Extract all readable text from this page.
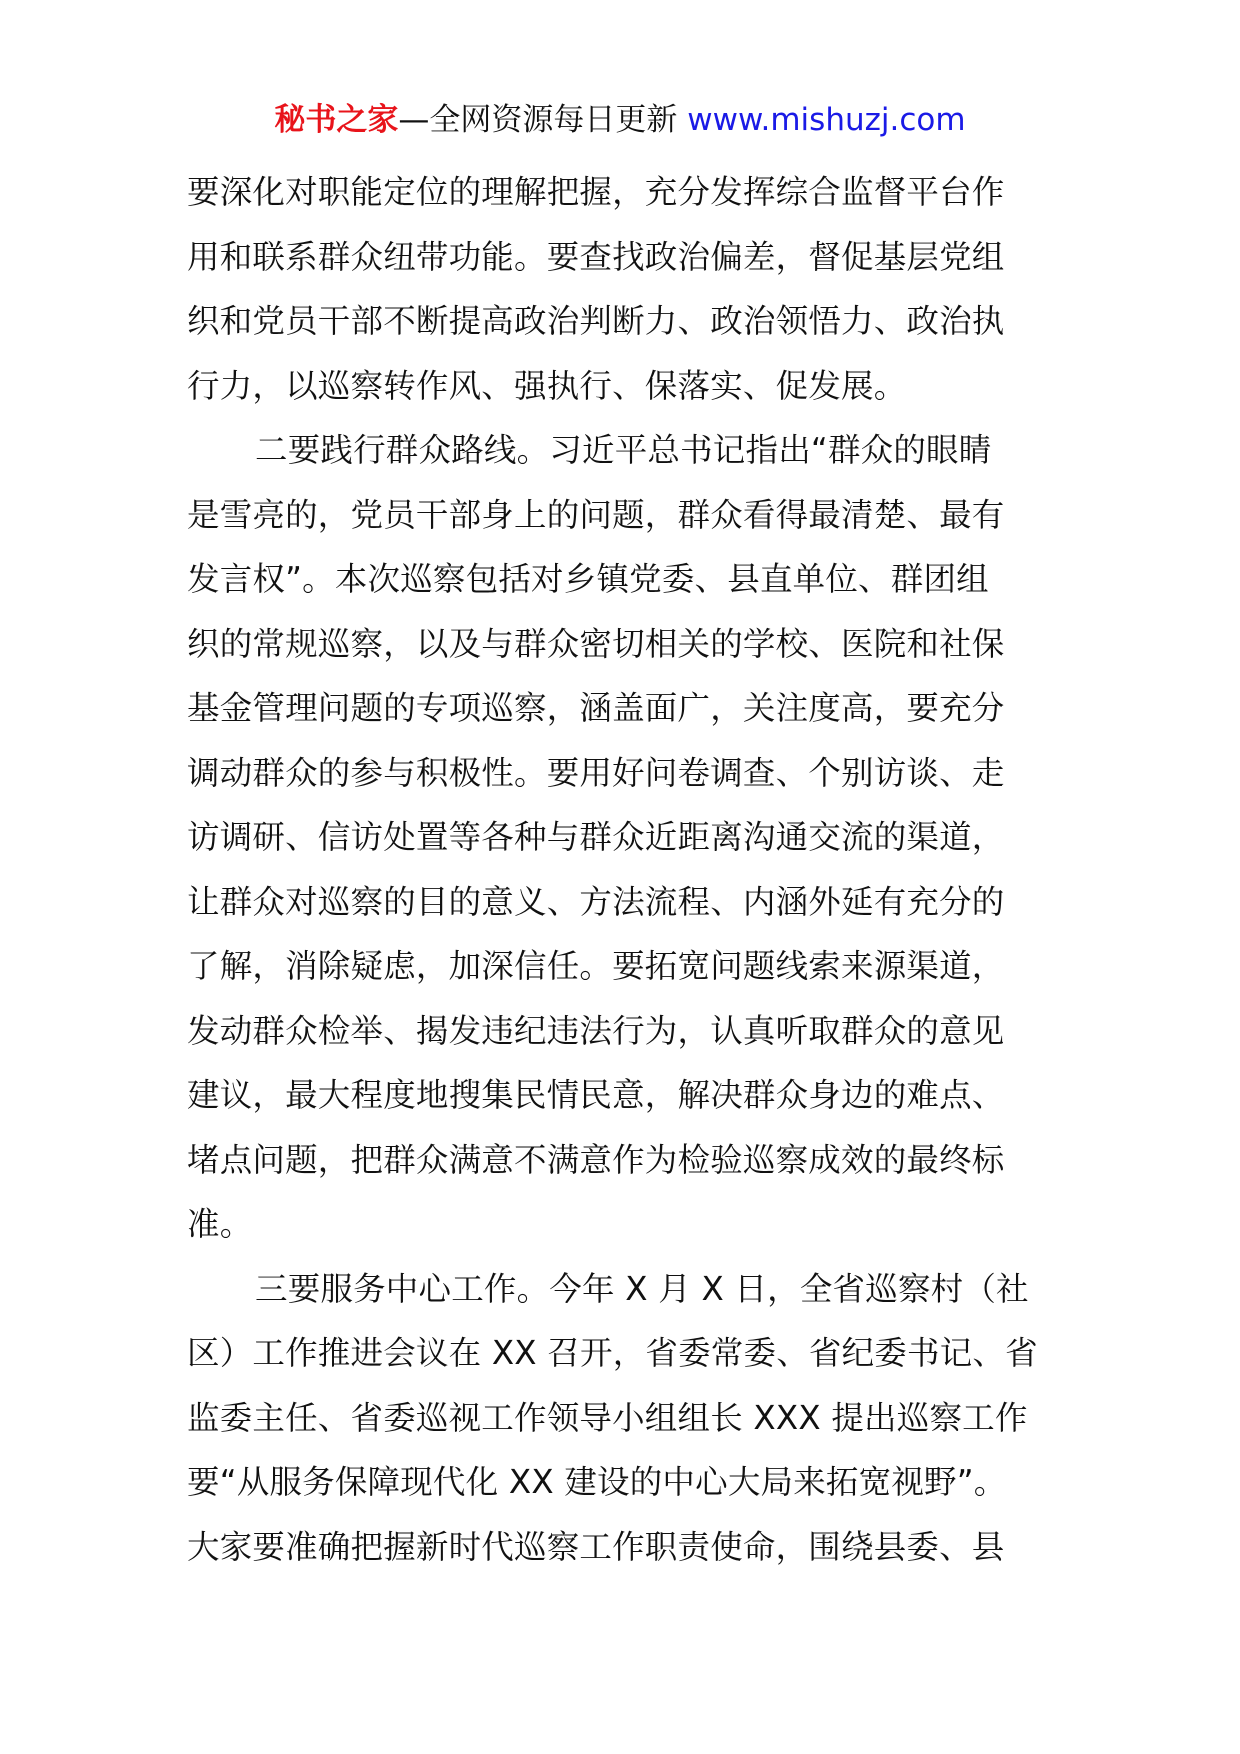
秘书之家—全网资源每日更新 www.mishuzj.com
要深化对职能定位的理解把握，充分发挥综合监督平台作
用和联系群众纽带功能。要查找政治偏差，督促基层党组
织和党员干部不断提高政治判断力、政治领悟力、政治执
行力，以巡察转作风、强执行、保落实、促发展。
二要践行群众路线。习近平总书记指出“群众的眼睛
是雪亮的，党员干部身上的问题，群众看得最清楚、最有
发言权”。本次巡察包括对乡镇党委、县直单位、群团组
织的常规巡察，以及与群众密切相关的学校、医院和社保
基金管理问题的专项巡察，涵盖面广，关注度高，要充分
调动群众的参与积极性。要用好问卷调查、个别访谈、走
访调研、信访处置等各种与群众近距离沟通交流的渠道，
让群众对巡察的目的意义、方法流程、内涵外延有充分的
了解，消除疑虑，加深信任。要拓宽问题线索来源渠道，
发动群众检举、揭发违纪违法行为，认真听取群众的意见
建议，最大程度地搜集民情民意，解决群众身边的难点、
堵点问题，把群众满意不满意作为检验巡察成效的最终标
准。
三要服务中心工作。今年 X 月 X 日，全省巡察村（社
区）工作推进会议在 XX 召开，省委常委、省纪委书记、省
监委主任、省委巡视工作领导小组组长 XXX 提出巡察工作
要“从服务保障现代化 XX 建设的中心大局来拓宽视野”。
大家要准确把握新时代巡察工作职责使命，围绕县委、县
